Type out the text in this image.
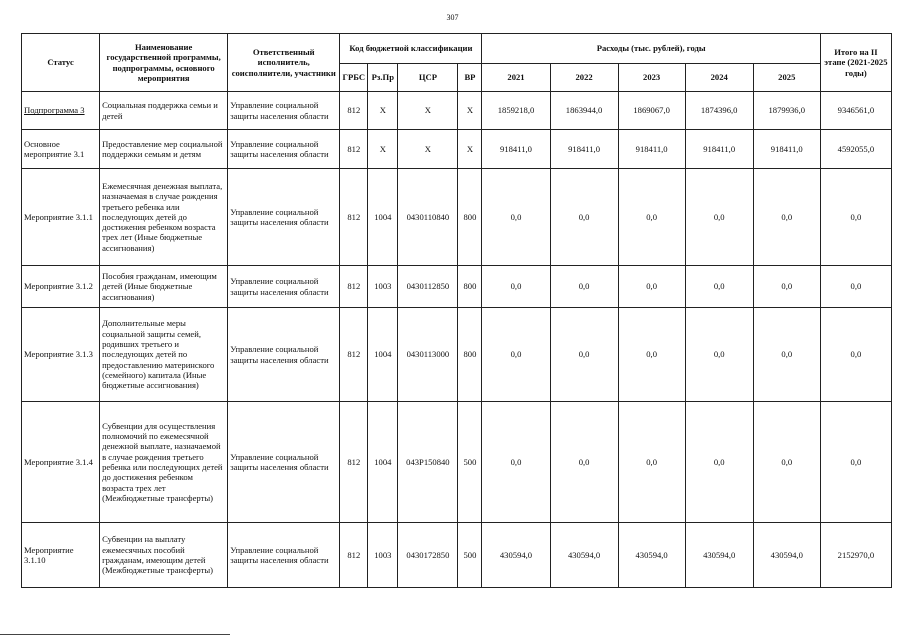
307
Статус	Наименование государственной программы, подпрограммы, основного мероприятия	Ответственный исполнитель, соисполнители, участники	Код бюджетной классификации				Расходы (тыс. рублей), годы					Итого на II этапе (2021-2025 годы)
			ГРБС	Рз.Пр	ЦСР	ВР	2021	2022	2023	2024	2025	
Подпрограмма 3	Социальная поддержка семьи и детей	Управление социальной защиты населения области	812	X	X	X	1859218,0	1863944,0	1869067,0	1874396,0	1879936,0	9346561,0
Основное мероприятие 3.1	Предоставление мер социальной поддержки семьям и детям	Управление социальной защиты населения области	812	X	X	X	918411,0	918411,0	918411,0	918411,0	918411,0	4592055,0
Мероприятие 3.1.1	Ежемесячная денежная выплата, назначаемая в случае рождения третьего ребенка или последующих детей до достижения ребенком возраста трех лет (Иные бюджетные ассигнования)	Управление социальной защиты населения области	812	1004	0430110840	800	0,0	0,0	0,0	0,0	0,0	0,0
Мероприятие 3.1.2	Пособия гражданам, имеющим детей (Иные бюджетные ассигнования)	Управление социальной защиты населения области	812	1003	0430112850	800	0,0	0,0	0,0	0,0	0,0	0,0
Мероприятие 3.1.3	Дополнительные меры социальной защиты семей, родивших третьего и последующих детей по предоставлению материнского (семейного) капитала (Иные бюджетные ассигнования)	Управление социальной защиты населения области	812	1004	0430113000	800	0,0	0,0	0,0	0,0	0,0	0,0
Мероприятие 3.1.4	Субвенции для осуществления полномочий по ежемесячной денежной выплате, назначаемой в случае рождения третьего ребенка или последующих детей до достижения ребенком возраста трех лет (Межбюджетные трансферты)	Управление социальной защиты населения области	812	1004	043P150840	500	0,0	0,0	0,0	0,0	0,0	0,0
Мероприятие 3.1.10	Субвенции на выплату ежемесячных пособий гражданам, имеющим детей (Межбюджетные трансферты)	Управление социальной защиты населения области	812	1003	0430172850	500	430594,0	430594,0	430594,0	430594,0	430594,0	2152970,0
